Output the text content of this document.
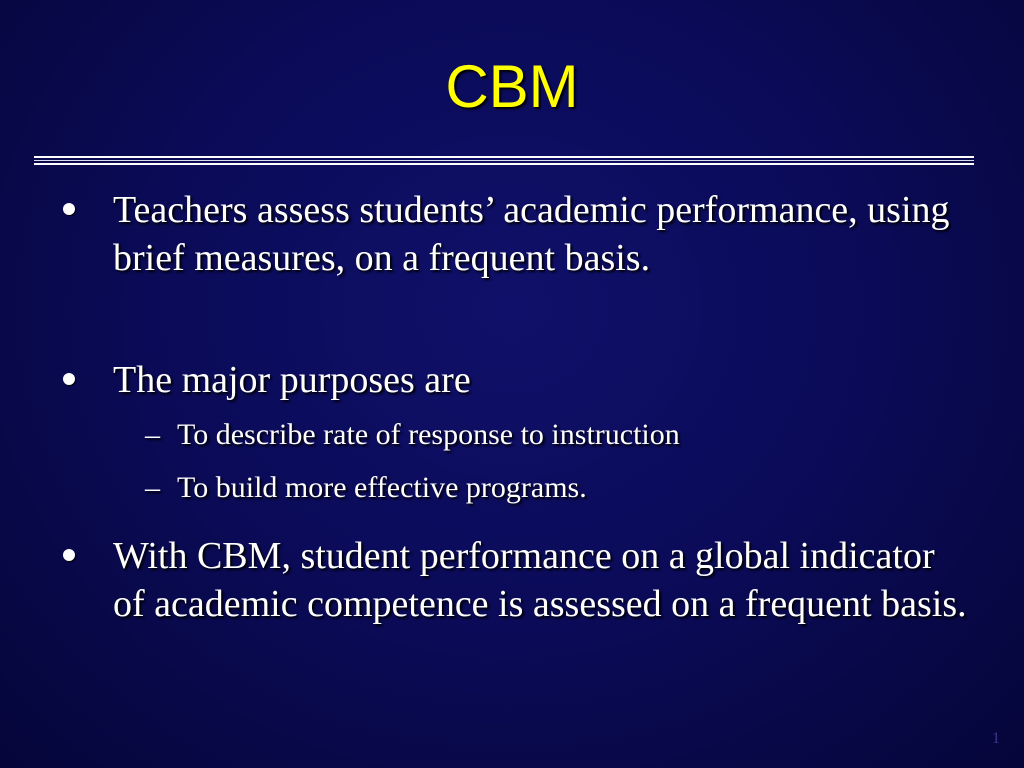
CBM
Teachers assess students’ academic performance, using brief measures, on a frequent basis.
The major purposes are
– To describe rate of response to instruction
– To build more effective programs.
With CBM, student performance on a global indicator of academic competence is assessed on a frequent basis.
1
